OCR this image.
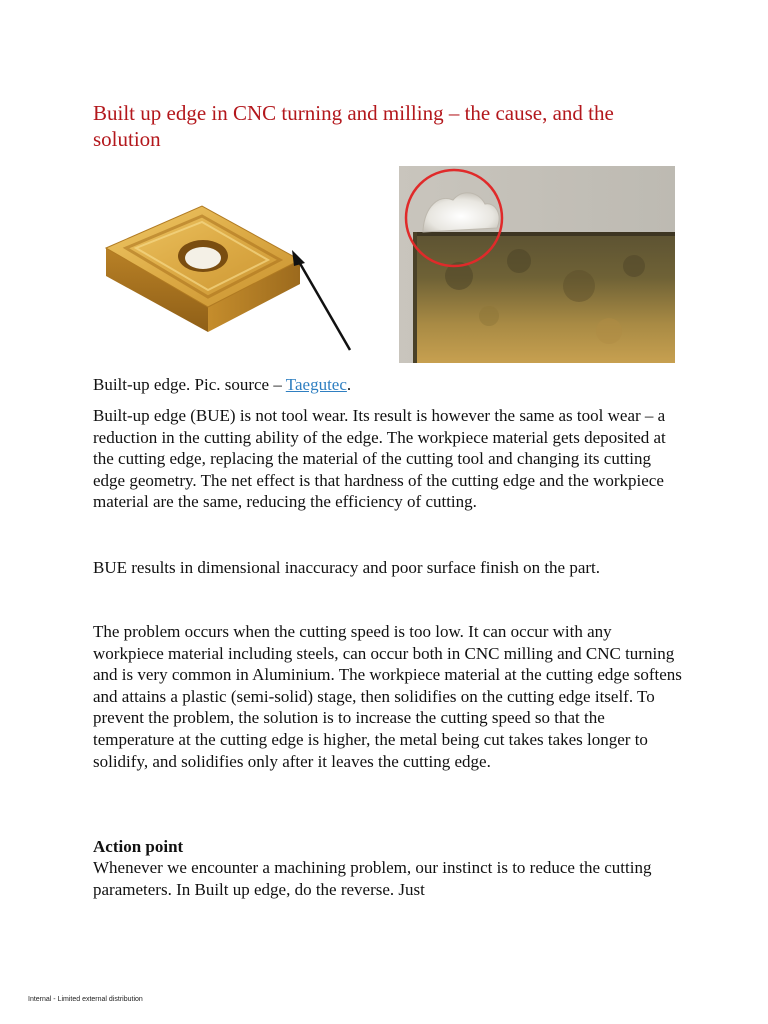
Built up edge in CNC turning and milling – the cause, and the solution

Built-up edge. Pic. source – Taegutec.

Built-up edge (BUE) is not tool wear. Its result is however the same as tool wear – a reduction in the cutting ability of the edge. The workpiece material gets deposited at the cutting edge, replacing the material of the cutting tool and changing its cutting edge geometry. The net effect is that hardness of the cutting edge and the workpiece material are the same, reducing the efficiency of cutting.

BUE results in dimensional inaccuracy and poor surface finish on the part.

The problem occurs when the cutting speed is too low. It can occur with any workpiece material including steels, can occur both in CNC milling and CNC turning and is very common in Aluminium. The workpiece material at the cutting edge softens and attains a plastic (semi-solid) stage, then solidifies on the cutting edge itself. To prevent the problem, the solution is to increase the cutting speed so that the temperature at the cutting edge is higher, the metal being cut takes takes longer to solidify, and solidifies only after it leaves the cutting edge.

Action point

Whenever we encounter a machining problem, our instinct is to reduce the cutting parameters. In Built up edge, do the reverse. Just

Internal - Limited external distribution
